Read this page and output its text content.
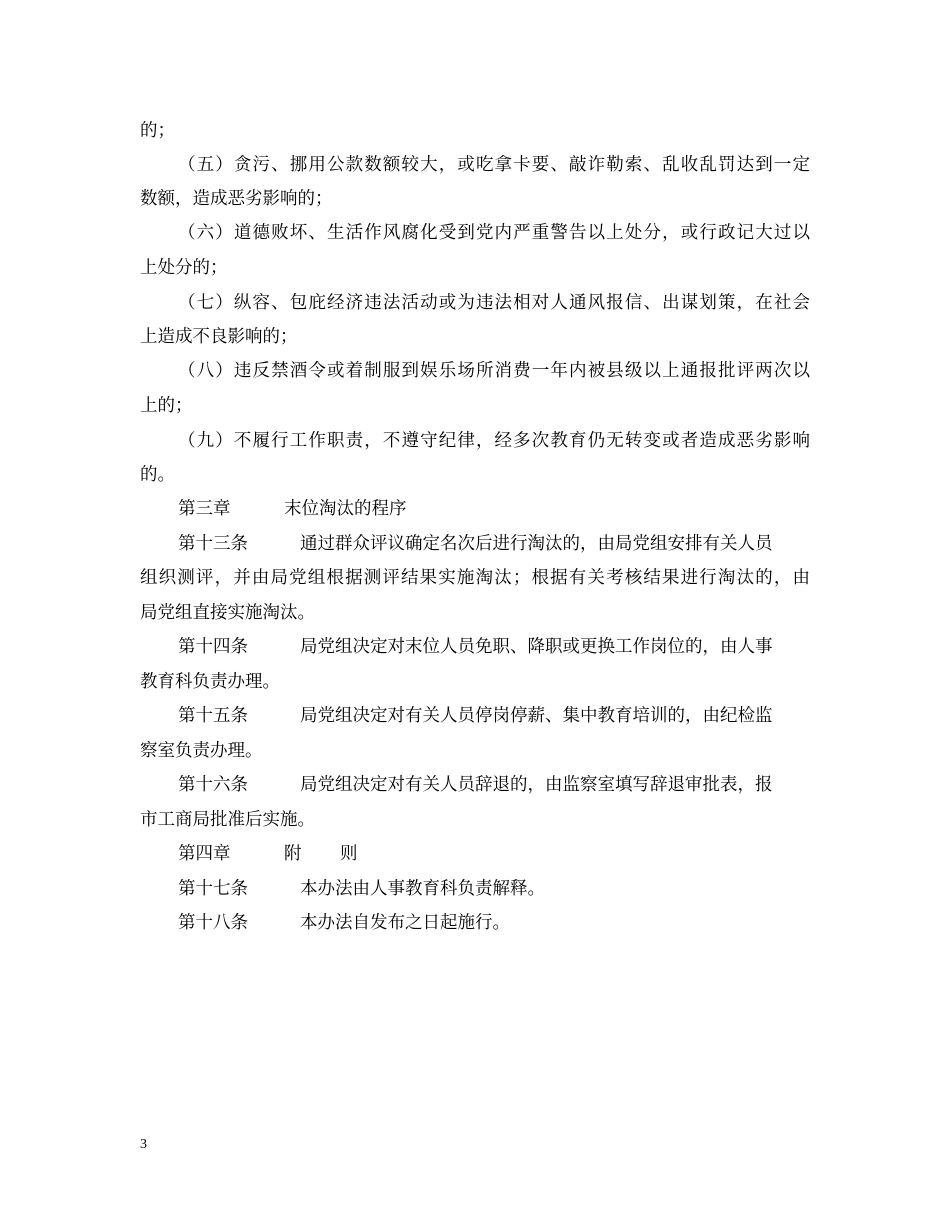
的；
（五）贪污、挪用公款数额较大，或吃拿卡要、敲诈勒索、乱收乱罚达到一定
数额，造成恶劣影响的；
（六）道德败坏、生活作风腐化受到党内严重警告以上处分，或行政记大过以
上处分的；
（七）纵容、包庇经济违法活动或为违法相对人通风报信、出谋划策，在社会
上造成不良影响的；
（八）违反禁酒令或着制服到娱乐场所消费一年内被县级以上通报批评两次以
上的；
（九）不履行工作职责，不遵守纪律，经多次教育仍无转变或者造成恶劣影响
的。
第三章	末位淘汰的程序
第十三条	通过群众评议确定名次后进行淘汰的，由局党组安排有关人员
组织测评，并由局党组根据测评结果实施淘汰；根据有关考核结果进行淘汰的，由
局党组直接实施淘汰。
第十四条	局党组决定对末位人员免职、降职或更换工作岗位的，由人事
教育科负责办理。
第十五条	局党组决定对有关人员停岗停薪、集中教育培训的，由纪检监
察室负责办理。
第十六条	局党组决定对有关人员辞退的，由监察室填写辞退审批表，报
市工商局批准后实施。
第四章	附 则
第十七条	本办法由人事教育科负责解释。
第十八条	本办法自发布之日起施行。
3
